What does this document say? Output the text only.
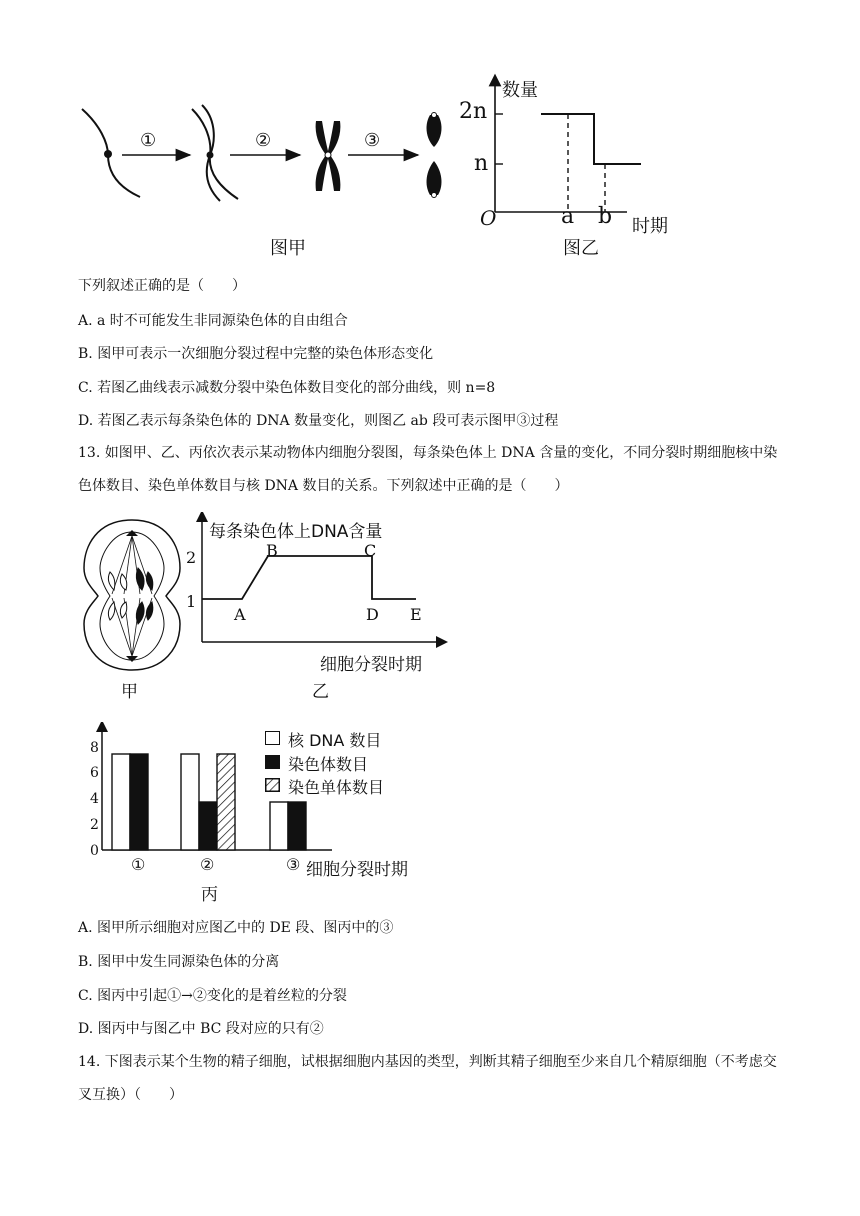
①	②	③
图甲
数量
2n
n
O	a b 时期
图乙
下列叙述正确的是（　　）
A. a 时不可能发生非同源染色体的自由组合
B. 图甲可表示一次细胞分裂过程中完整的染色体形态变化
C. 若图乙曲线表示减数分裂中染色体数目变化的部分曲线，则 n=8
D. 若图乙表示每条染色体的 DNA 数量变化，则图乙 ab 段可表示图甲③过程
13. 如图甲、乙、丙依次表示某动物体内细胞分裂图，每条染色体上 DNA 含量的变化，不同分裂时期细胞核中染色体数目、染色单体数目与核 DNA 数目的关系。下列叙述中正确的是（　　）
甲
每条染色体上DNA含量
2
1
A
B	C
D E
细胞分裂时期
乙
8
6
4
2
0
①	②	③ 细胞分裂时期
丙
核 DNA 数目
染色体数目
染色单体数目
A. 图甲所示细胞对应图乙中的 DE 段、图丙中的③
B. 图甲中发生同源染色体的分离
C. 图丙中引起①→②变化的是着丝粒的分裂
D. 图丙中与图乙中 BC 段对应的只有②
14. 下图表示某个生物的精子细胞，试根据细胞内基因的类型，判断其精子细胞至少来自几个精原细胞（不考虑交叉互换）（　　）
